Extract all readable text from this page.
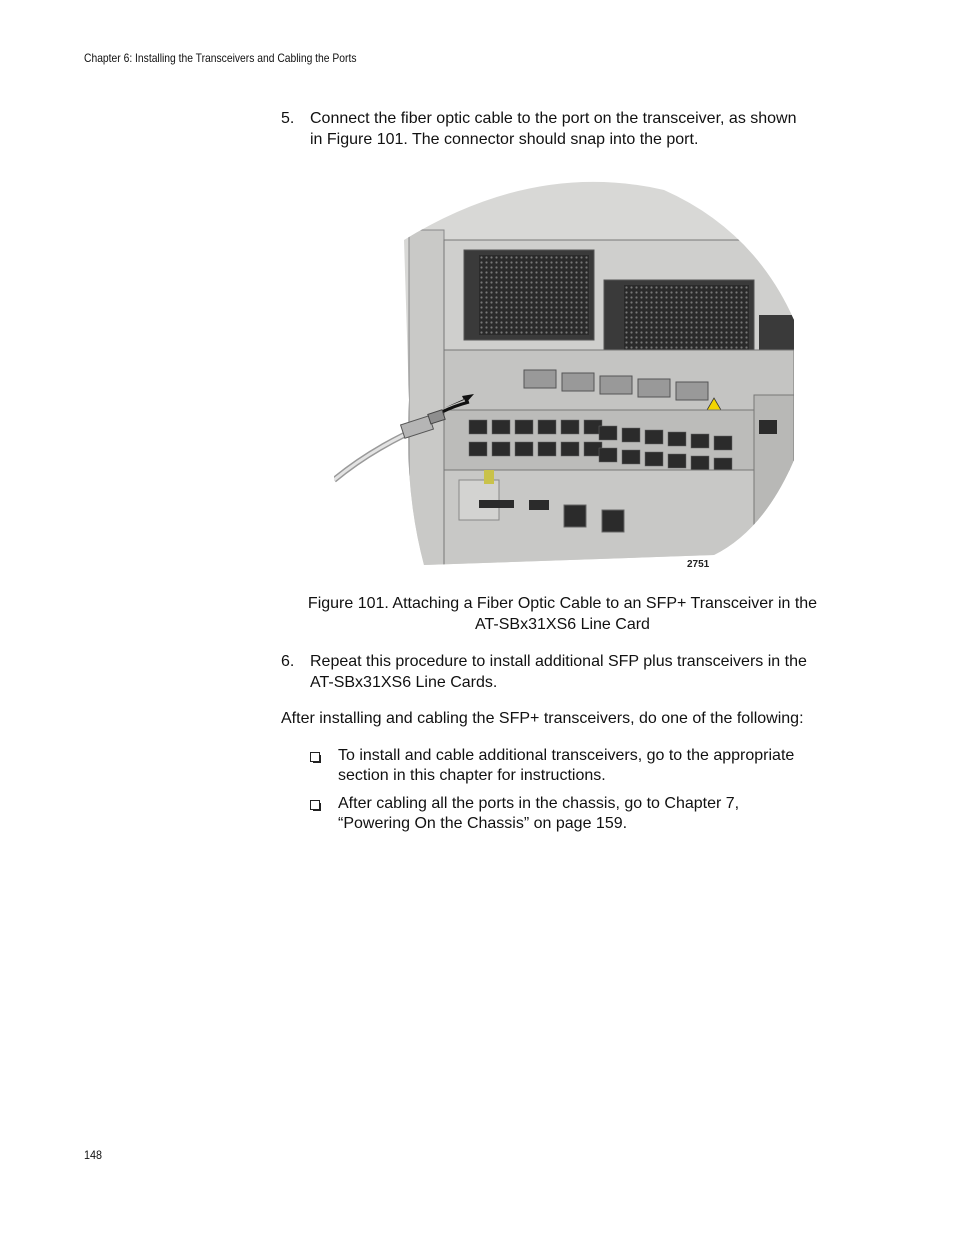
Chapter 6: Installing the Transceivers and Cabling the Ports
5. Connect the fiber optic cable to the port on the transceiver, as shown
in Figure 101. The connector should snap into the port.
2751
Figure 101. Attaching a Fiber Optic Cable to an SFP+ Transceiver in the
AT-SBx31XS6 Line Card
6. Repeat this procedure to install additional SFP plus transceivers in the
AT-SBx31XS6 Line Cards.
After installing and cabling the SFP+ transceivers, do one of the following:
To install and cable additional transceivers, go to the appropriate
section in this chapter for instructions.
After cabling all the ports in the chassis, go to Chapter 7,
“Powering On the Chassis” on page 159.
148
